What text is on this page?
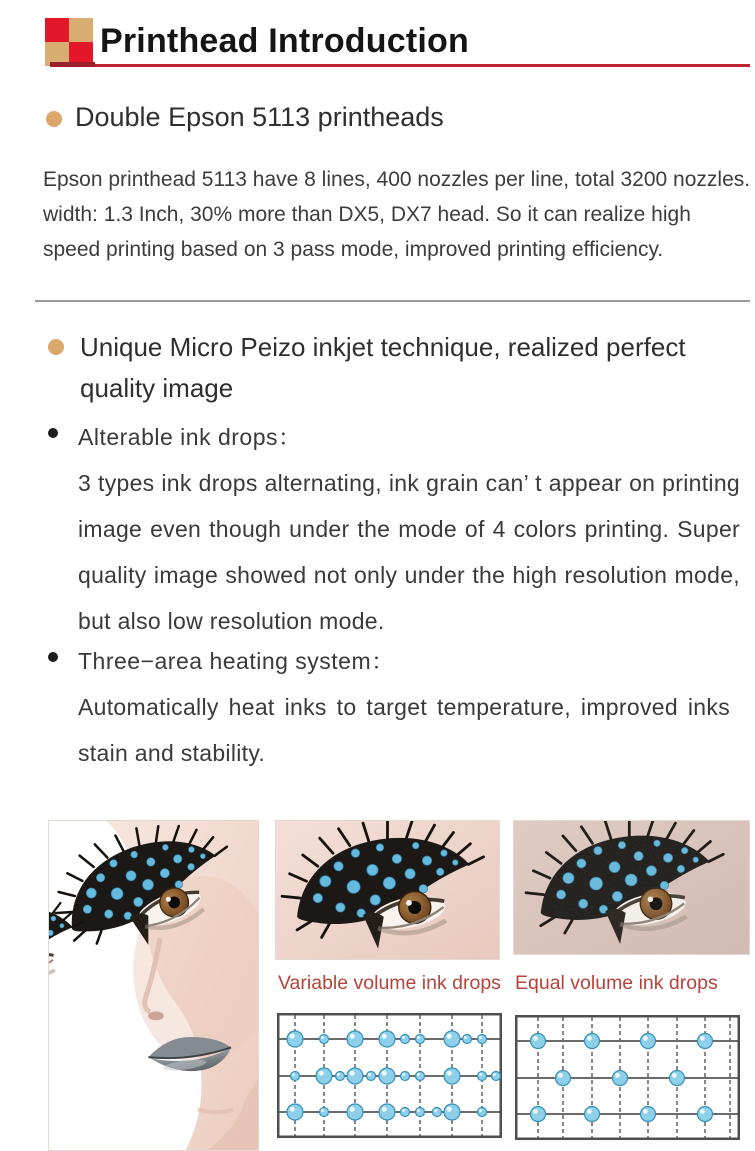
Printhead Introduction
Double Epson 5113 printheads
Epson printhead 5113 have 8 lines, 400 nozzles per line, total 3200 nozzles. width: 1.3 Inch, 30% more than DX5, DX7 head. So it can realize high speed printing based on 3 pass mode, improved printing efficiency.
Unique Micro Peizo inkjet technique, realized perfect quality image
Alterable ink drops：
3 types ink drops alternating, ink grain can’ t appear on printing image even though under the mode of 4 colors printing. Super quality image showed not only under the high resolution mode, but also low resolution mode.
Three−area heating system：
Automatically heat inks to target temperature, improved inks stain and stability.
Variable volume ink drops Equal volume ink drops
